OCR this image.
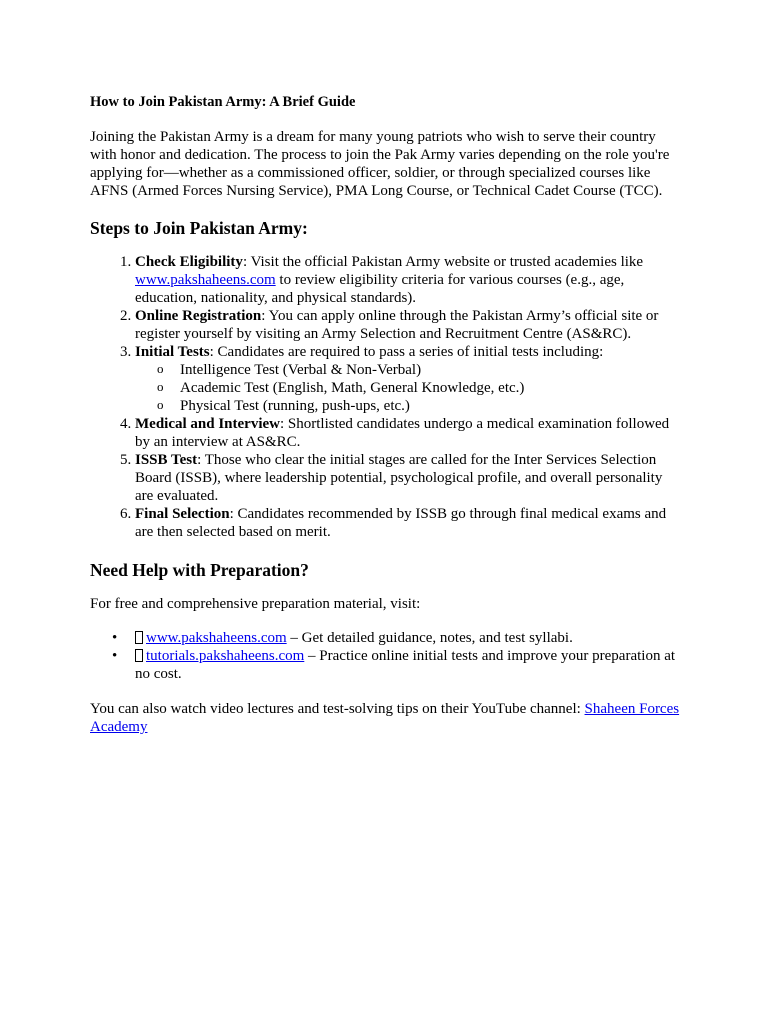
How to Join Pakistan Army: A Brief Guide

Joining the Pakistan Army is a dream for many young patriots who wish to serve their country with honor and dedication. The process to join the Pak Army varies depending on the role you're applying for—whether as a commissioned officer, soldier, or through specialized courses like AFNS (Armed Forces Nursing Service), PMA Long Course, or Technical Cadet Course (TCC).

Steps to Join Pakistan Army:
1. Check Eligibility: Visit the official Pakistan Army website or trusted academies like www.pakshaheens.com to review eligibility criteria for various courses (e.g., age, education, nationality, and physical standards).
2. Online Registration: You can apply online through the Pakistan Army’s official site or register yourself by visiting an Army Selection and Recruitment Centre (AS&RC).
3. Initial Tests: Candidates are required to pass a series of initial tests including:
o Intelligence Test (Verbal & Non-Verbal)
o Academic Test (English, Math, General Knowledge, etc.)
o Physical Test (running, push-ups, etc.)
4. Medical and Interview: Shortlisted candidates undergo a medical examination followed by an interview at AS&RC.
5. ISSB Test: Those who clear the initial stages are called for the Inter Services Selection Board (ISSB), where leadership potential, psychological profile, and overall personality are evaluated.
6. Final Selection: Candidates recommended by ISSB go through final medical exams and are then selected based on merit.
Need Help with Preparation?

For free and comprehensive preparation material, visit:

• www.pakshaheens.com – Get detailed guidance, notes, and test syllabi.
• tutorials.pakshaheens.com – Practice online initial tests and improve your preparation at no cost.

You can also watch video lectures and test-solving tips on their YouTube channel: Shaheen Forces Academy
